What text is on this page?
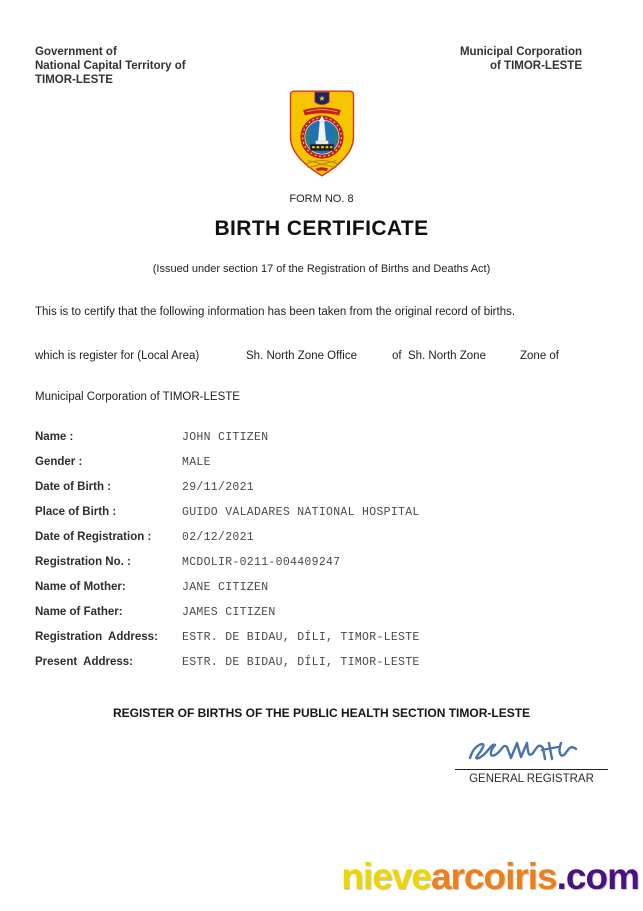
Government of
National Capital Territory of
TIMOR-LESTE
Municipal Corporation
of TIMOR-LESTE
★
FORM NO. 8
BIRTH CERTIFICATE
(Issued under section 17 of the Registration of Births and Deaths Act)
This is to certify that the following information has been taken from the original record of births.
which is register for (Local Area)	Sh. North Zone Office	of  Sh. North Zone	Zone of
Municipal Corporation of TIMOR-LESTE
Name :	JOHN CITIZEN
Gender :	MALE
Date of Birth :	29/11/2021
Place of Birth :	GUIDO VALADARES NATIONAL HOSPITAL
Date of Registration :	02/12/2021
Registration No. :	MCDOLIR-0211-004409247
Name of Mother:	JANE CITIZEN
Name of Father:	JAMES CITIZEN
Registration  Address: ESTR. DE BIDAU, DÍLI, TIMOR-LESTE
Present  Address:	ESTR. DE BIDAU, DÍLI, TIMOR-LESTE
REGISTER OF BIRTHS OF THE PUBLIC HEALTH SECTION TIMOR-LESTE
GENERAL REGISTRAR
nievearcoiris.com
